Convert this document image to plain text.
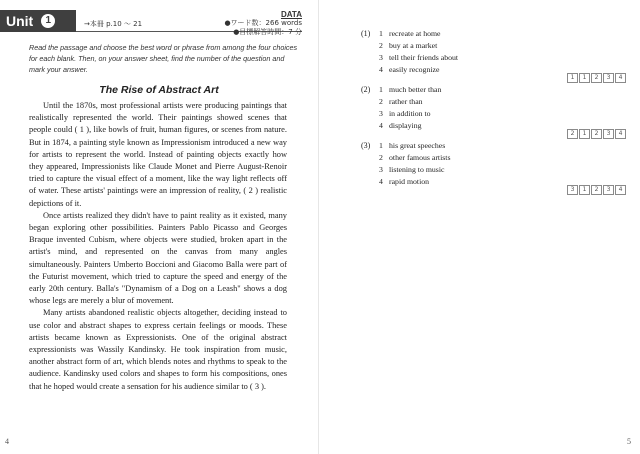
Unit	1	→本冊 p.10 ～ 21
DATA
●ワード数：266 words
●目標解答時間：7 分

Read the passage and choose the best word or phrase from among the four choices for each blank. Then, on your answer sheet, find the number of the question and mark your answer.

The Rise of Abstract Art

Until the 1870s, most professional artists were producing paintings that realistically represented the world. Their paintings showed scenes that people could ( 1 ), like bowls of fruit, human figures, or scenes from nature. But in 1874, a painting style known as Impressionism introduced a new way for artists to represent the world. Instead of painting objects exactly how they appeared, Impressionists like Claude Monet and Pierre August-Renoir tried to capture the visual effect of a moment, like the way light reflects off of water. These artists' paintings were an impression of reality, ( 2 ) realistic depictions of it.

Once artists realized they didn't have to paint reality as it existed, many began exploring other possibilities. Painters Pablo Picasso and Georges Braque invented Cubism, where objects were studied, broken apart in the artist's mind, and represented on the canvas from many angles simultaneously. Painters Umberto Boccioni and Giacomo Balla were part of the Futurist movement, which tried to capture the speed and energy of the early 20th century. Balla's "Dynamism of a Dog on a Leash" shows a dog whose legs are merely a blur of movement.

Many artists abandoned realistic objects altogether, deciding instead to use color and abstract shapes to express certain feelings or moods. These artists became known as Expressionists. One of the original abstract expressionists was Wassily Kandinsky. He took inspiration from music, another abstract form of art, which blends notes and rhythms to speak to the audience. Kandinsky used colors and shapes to form his compositions, ones that he hoped would create a sensation for his audience similar to ( 3 ).

4
(1) 1 recreate at home
2 buy at a market
3 tell their friends about
4 easily recognize
1	1	2	3	4
(2) 1 much better than
2 rather than
3 in addition to
4 displaying
2	1	2	3	4
(3) 1 his great speeches
2 other famous artists
3 listening to music
4 rapid motion
3	1	2	3	4
5
